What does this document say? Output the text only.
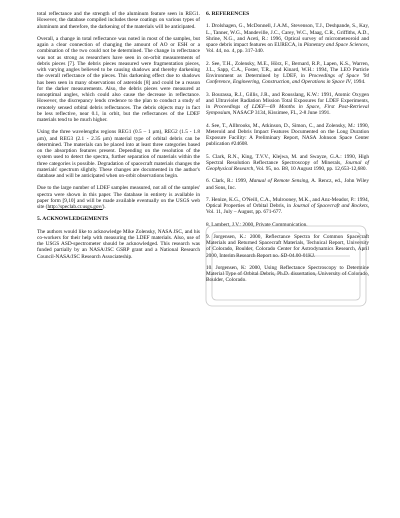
total reflectance and the strength of the aluminum feature seen in REG1. However, the database compiled includes these coatings on various types of aluminum and therefore, the darkening of the materials will be anticipated.

Overall, a change in total reflectance was noted in most of the samples, but again a clear connection of changing the amount of AO or ESH or a combination of the two could not be determined. The change in reflectance was not as strong as researchers have seen in on-orbit measurements of debris pieces [7]. The debris pieces measured were fragmentation pieces, with varying angles believed to be causing shadows and thereby darkening the overall reflectance of the pieces. This darkening effect due to shadows has been seen in many observations of asteroids [8] and could be a reason for the darker measurements. Also, the debris pieces were measured at nonoptimal angles, which could also cause the decrease in reflectance. However, the discrepancy lends credence to the plan to conduct a study of remotely sensed orbital debris reflectances. The debris objects may in fact be less reflective, near 0.1, in orbit, but the reflectances of the LDEF materials tend to be much higher.

Using the three wavelengths regions REG1 (0.5 – 1 μm), REG2 (1.5 - 1.8 μm), and REG3 (2.1 - 2.35 μm) material type of orbital debris can be determined. The materials can be placed into at least three categories based on the absorption features present. Depending on the resolution of the system used to detect the spectra, further separation of materials within the three categories is possible. Degradation of spacecraft materials changes the materials' spectrum slightly. These changes are documented in the author's database and will be anticipated when on-orbit observations begin.

Due to the large number of LDEF samples measured, not all of the samples' spectra were shown in this paper. The database in entirety is available in paper form [9,10] and will be made available eventually on the USGS web site (http://speclab.cr.usgs.gov/).

5. ACKNOWLEDGEMENTS

The authors would like to acknowledge Mike Zolensky, NASA JSC, and his co-workers for their help with measuring the LDEF materials. Also, use of the USGS ASD-spectrometer should be acknowledged. This research was funded partially by an NASA/JSC GSRP grant and a National Research Council-NASA/JSC Research Associateship.

6. REFERENCES
1. Drolshagen, G., McDonnell, J.A.M., Stevenson, T.J., Deshpande, S., Kay, L., Tanner, W.G., Mandeville, J.C., Carey, W.C., Maag, C.R., Griffiths, A.D., Shrine, N.G., and Aceti, R.: 1996, Optical survey of micrometeoroid and space debris impact features on EURECA, in Planetary and Space Sciences, Vol. 44, no. 4, pp. 317-340.
2. See, T.H., Zolensky, M.E., Hörz, F., Bernard, R.P., Lapen, K.S., Warren, J.L., Sapp, C.A., Foster, T.R., and Kinard, W.H.: 1994, The LEO Particle Environment as Determined by LDEF, in Proceedings of Space '94 Conference, Engineering, Construction, and Operations in Space IV, 1994.
3. Bourassa, R.J., Gillis, J.R., and Rousslang, K.W.: 1991, Atomic Oxygen and Ultraviolet Radiation Mission Total Exposures for LDEF Experiments, in Proceedings of LDEF—69 Months in Space, First Post-Retrieval Symposium, NASACP 3134, Kissimee, FL, 2-8 June 1991.
4. See, T., Allbrooks, M., Atkinson, D., Simon, C., and Zolensky, M.: 1990, Meteroid and Debris Impact Features Documented on the Long Duration Exposure Facility: A Preliminary Report, NASA Johnson Space Center publication #24608.
5. Clark, R.N., King, T.V.V., Klejwa, M. and Swayze, G.A.: 1990, High Spectral Resolution Reflectance Spectroscopy of Minerals, Journal of Geophysical Research, Vol. 95, no. B8, 10 August 1990, pp. 12,653-12,680.
6. Clark, R.: 1999, Manual of Remote Sensing, A. Rencz, ed., John Wiley and Sons, Inc.
7. Henize, K.G., O'Neill, C.A., Mulrooney, M.K., and Anz-Meador, P.: 1994, Optical Properties of Orbital Debris, in Journal of Spacecraft and Rockets, Vol. 11, July – August, pp. 671-677.
8. Lambert, J.V.: 2000, Private Communication.
9. Jorgensen, K.: 2000, Reflectance Spectra for Common Spacecraft Materials and Returned Spacecraft Materials, Technical Report, University of Colorado, Boulder, Colorado Center for Astrodynamics Research, April 2000, Interim Research Report no. SD-04.00-01KJ.
10. Jorgensen, K: 2000, Using Reflectance Spectroscopy to Determine Material Type of Orbital Debris, Ph.D. dissertation, University of Colorado, Boulder, Colorado.
